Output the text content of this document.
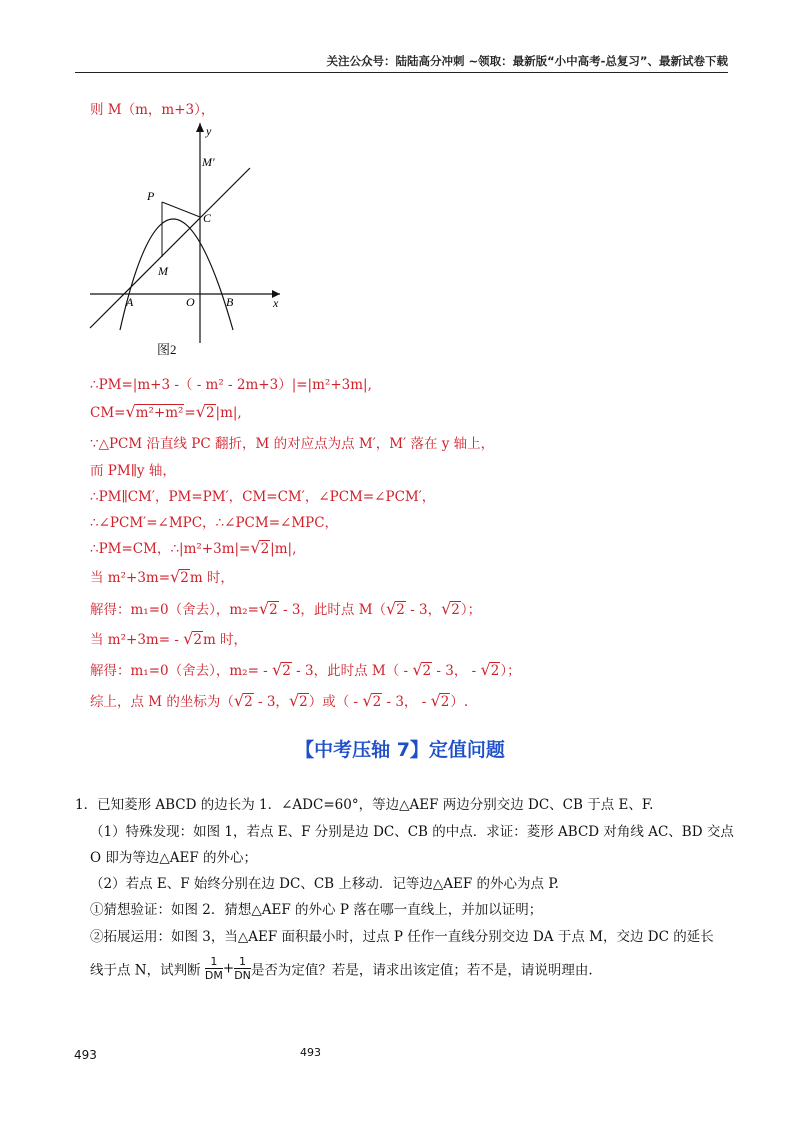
关注公众号：陆陆高分冲刺 ~领取：最新版“小中高考-总复习”、最新试卷下载
则 M（m，m+3），
y
x
M′
P
C
M
A	O	B
图2
∴PM=|m+3 -（ - m² - 2m+3）|=|m²+3m|,
CM=√m²+m²=√2|m|,
∵△PCM 沿直线 PC 翻折，M 的对应点为点 M′，M′ 落在 y 轴上，
而 PM∥y 轴，
∴PM∥CM′，PM=PM′，CM=CM′，∠PCM=∠PCM′，
∴∠PCM′=∠MPC，∴∠PCM=∠MPC，
∴PM=CM，∴|m²+3m|=√2|m|,
当 m²+3m=√2m 时，
解得：m₁=0（舍去），m₂=√2 - 3，此时点 M（√2 - 3，√2）；
当 m²+3m= - √2m 时，
解得：m₁=0（舍去），m₂= - √2 - 3，此时点 M（ - √2 - 3， - √2）；
综上，点 M 的坐标为（√2 - 3，√2）或（ - √2 - 3， - √2）.
【中考压轴 7】定值问题
1．已知菱形 ABCD 的边长为 1．∠ADC=60°，等边△AEF 两边分别交边 DC、CB 于点 E、F.
（1）特殊发现：如图 1，若点 E、F 分别是边 DC、CB 的中点．求证：菱形 ABCD 对角线 AC、BD 交点
O 即为等边△AEF 的外心；
（2）若点 E、F 始终分别在边 DC、CB 上移动．记等边△AEF 的外心为点 P.
①猜想验证：如图 2．猜想△AEF 的外心 P 落在哪一直线上，并加以证明；
②拓展运用：如图 3，当△AEF 面积最小时，过点 P 任作一直线分别交边 DA 于点 M，交边 DC 的延长
线于点 N，试判断 $\frac{1}{DM} + \frac{1}{DN}$ 是否为定值？若是，请求出该定值；若不是，请说明理由.
493	493
